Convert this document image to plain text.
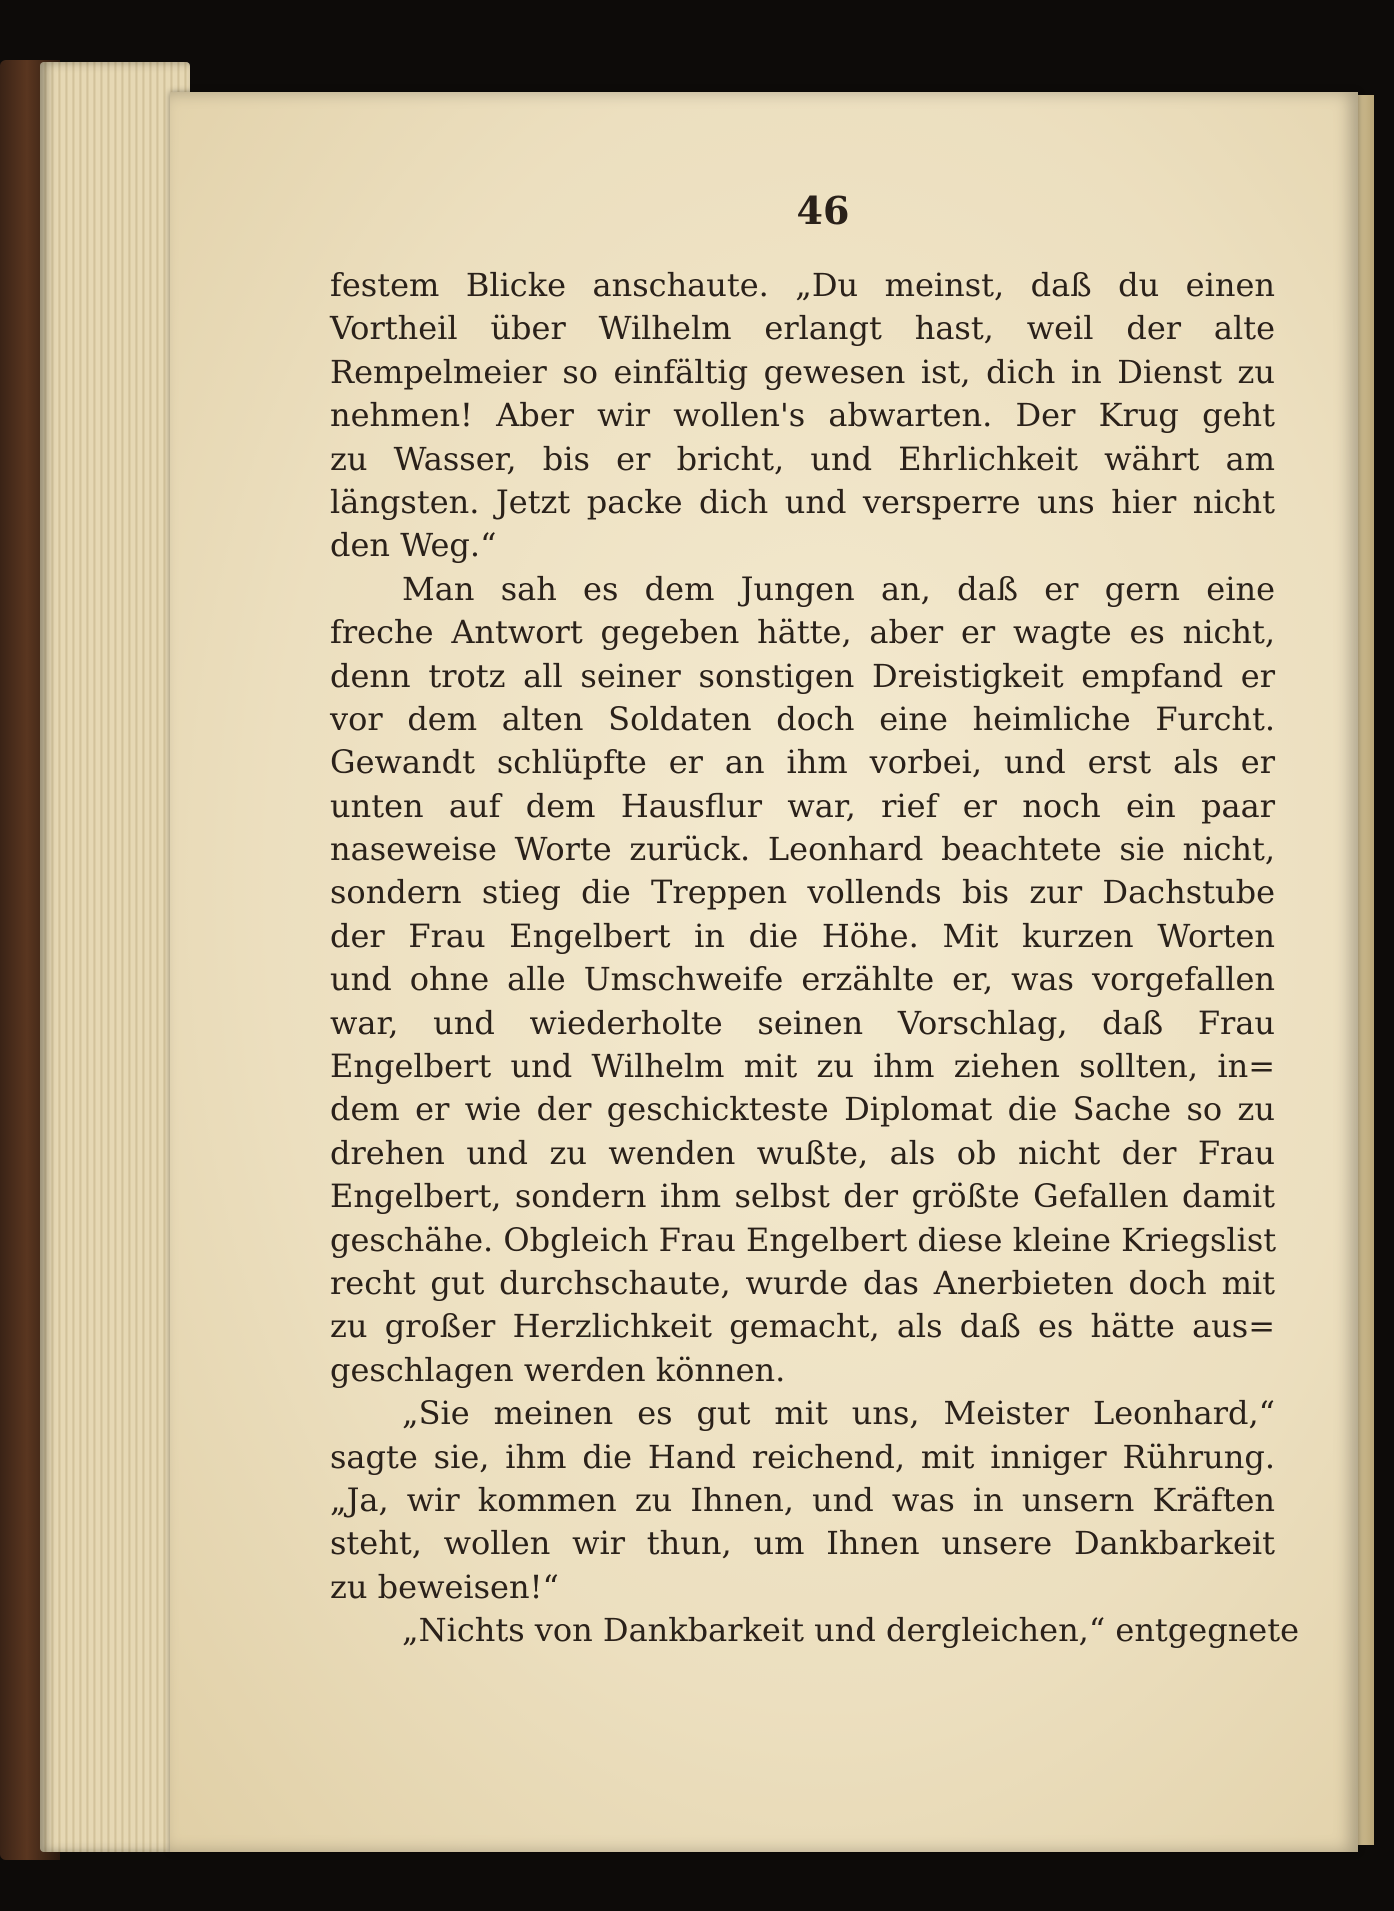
46
festem Blicke anschaute. „Du meinst, daß du einen
Vortheil über Wilhelm erlangt hast, weil der alte
Rempelmeier so einfältig gewesen ist, dich in Dienst zu
nehmen! Aber wir wollen's abwarten. Der Krug geht
zu Wasser, bis er bricht, und Ehrlichkeit währt am
längsten. Jetzt packe dich und versperre uns hier nicht
den Weg.“
Man sah es dem Jungen an, daß er gern eine
freche Antwort gegeben hätte, aber er wagte es nicht,
denn trotz all seiner sonstigen Dreistigkeit empfand er
vor dem alten Soldaten doch eine heimliche Furcht.
Gewandt schlüpfte er an ihm vorbei, und erst als er
unten auf dem Hausflur war, rief er noch ein paar
naseweise Worte zurück. Leonhard beachtete sie nicht,
sondern stieg die Treppen vollends bis zur Dachstube
der Frau Engelbert in die Höhe. Mit kurzen Worten
und ohne alle Umschweife erzählte er, was vorgefallen
war, und wiederholte seinen Vorschlag, daß Frau
Engelbert und Wilhelm mit zu ihm ziehen sollten, in=
dem er wie der geschickteste Diplomat die Sache so zu
drehen und zu wenden wußte, als ob nicht der Frau
Engelbert, sondern ihm selbst der größte Gefallen damit
geschähe. Obgleich Frau Engelbert diese kleine Kriegslist
recht gut durchschaute, wurde das Anerbieten doch mit
zu großer Herzlichkeit gemacht, als daß es hätte aus=
geschlagen werden können.
„Sie meinen es gut mit uns, Meister Leonhard,“
sagte sie, ihm die Hand reichend, mit inniger Rührung.
„Ja, wir kommen zu Ihnen, und was in unsern Kräften
steht, wollen wir thun, um Ihnen unsere Dankbarkeit
zu beweisen!“
„Nichts von Dankbarkeit und dergleichen,“ entgegnete
